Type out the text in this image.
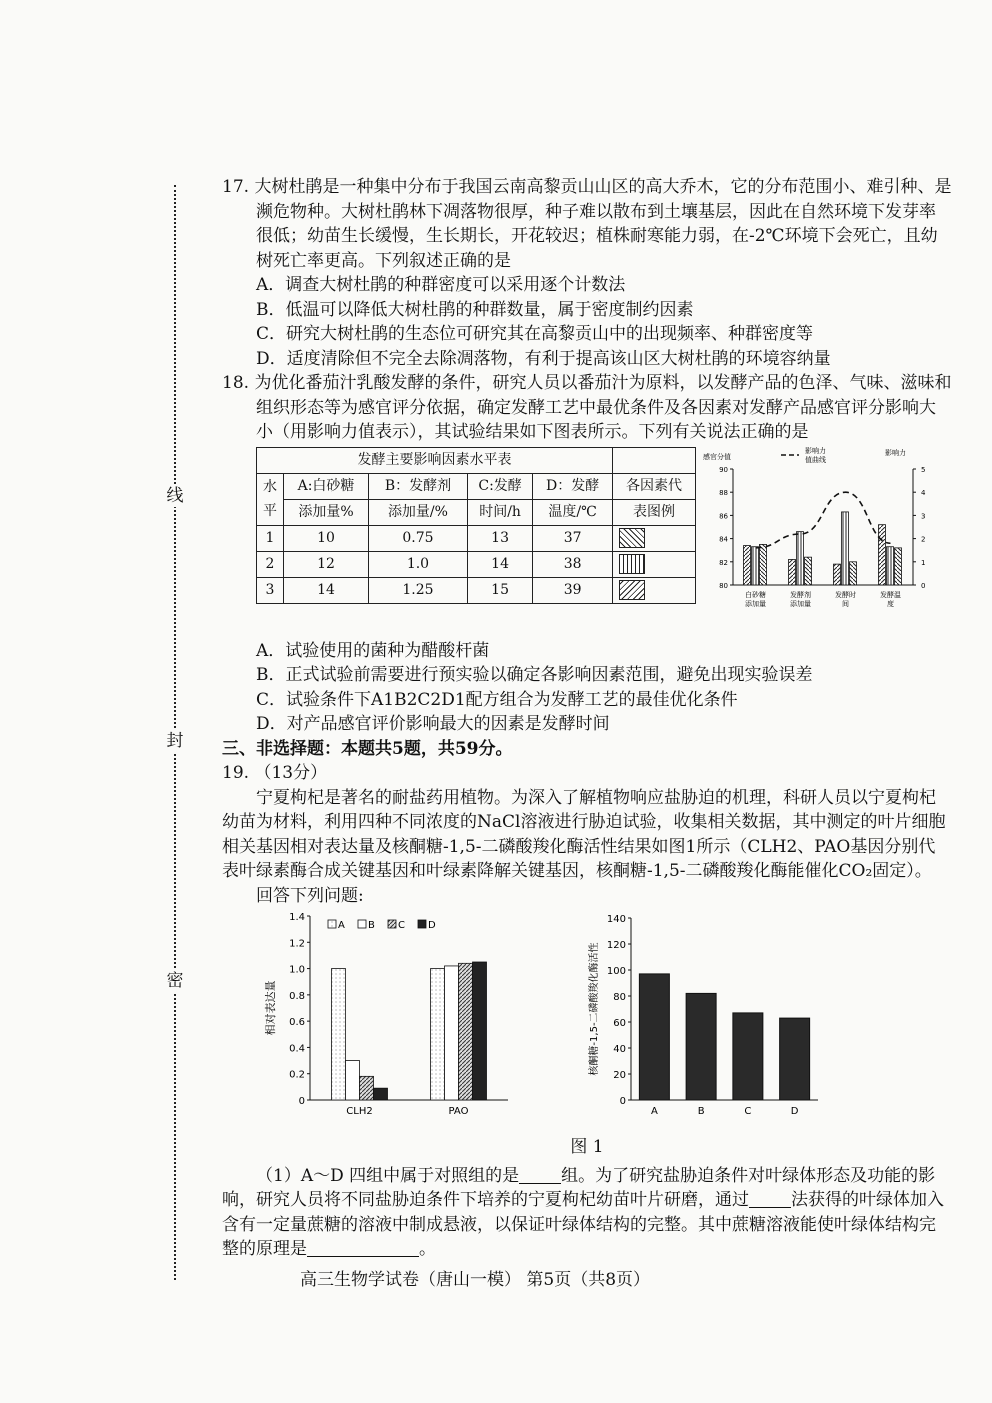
线
封
密

17. 大树杜鹃是一种集中分布于我国云南高黎贡山山区的高大乔木，它的分布范围小、难引种、是濒危物种。大树杜鹃林下凋落物很厚，种子难以散布到土壤基层，因此在自然环境下发芽率很低；幼苗生长缓慢，生长期长，开花较迟；植株耐寒能力弱，在-2℃环境下会死亡，且幼树死亡率更高。下列叙述正确的是

A．调查大树杜鹃的种群密度可以采用逐个计数法

B．低温可以降低大树杜鹃的种群数量，属于密度制约因素

C．研究大树杜鹃的生态位可研究其在高黎贡山中的出现频率、种群密度等

D．适度清除但不完全去除凋落物，有利于提高该山区大树杜鹃的环境容纳量

18. 为优化番茄汁乳酸发酵的条件，研究人员以番茄汁为原料，以发酵产品的色泽、气味、滋味和组织形态等为感官评分依据，确定发酵工艺中最优条件及各因素对发酵产品感官评分影响大小（用影响力值表示），其试验结果如下图表所示。下列有关说法正确的是

发酵主要影响因素水平表					
水平	A:白砂糖	B：发酵剂	C:发酵	D：发酵	各因素代
	添加量%	添加量/%	时间/h	温度/℃	表图例
1	10	0.75	13	37	
2	12	1.0	14	38	
3	14	1.25	15	39	
感官分值
影响力
值曲线
影响力
80
82
84
86
88
90
0
1
2
3
4
5
白砂糖
添加量
发酵剂
添加量
发酵时
间
发酵温
度

A．试验使用的菌种为醋酸杆菌

B．正式试验前需要进行预实验以确定各影响因素范围，避免出现实验误差

C．试验条件下A1B2C2D1配方组合为发酵工艺的最佳优化条件

D．对产品感官评价影响最大的因素是发酵时间

三、非选择题：本题共5题，共59分。

19. （13分）

宁夏枸杞是著名的耐盐药用植物。为深入了解植物响应盐胁迫的机理，科研人员以宁夏枸杞幼苗为材料，利用四种不同浓度的NaCl溶液进行胁迫试验，收集相关数据，其中测定的叶片细胞相关基因相对表达量及核酮糖-1,5-二磷酸羧化酶活性结果如图1所示（CLH2、PAO基因分别代表叶绿素酶合成关键基因和叶绿素降解关键基因，核酮糖-1,5-二磷酸羧化酶能催化CO₂固定）。

回答下列问题:

0
0.2
0.4
0.6
0.8
1.0
1.2
1.4
相对表达量
CLH2	PAO
A B C D
0
20
40
60
80
100
120
140
核酮糖-1,5-二磷酸羧化酶活性
A	B	C	D

图 1

（1）A～D 四组中属于对照组的是 组。为了研究盐胁迫条件对叶绿体形态及功能的影响，研究人员将不同盐胁迫条件下培养的宁夏枸杞幼苗叶片研磨，通过 法获得的叶绿体加入含有一定量蔗糖的溶液中制成悬液，以保证叶绿体结构的完整。其中蔗糖溶液能使叶绿体结构完整的原理是	。

高三生物学试卷（唐山一模） 第5页（共8页）
